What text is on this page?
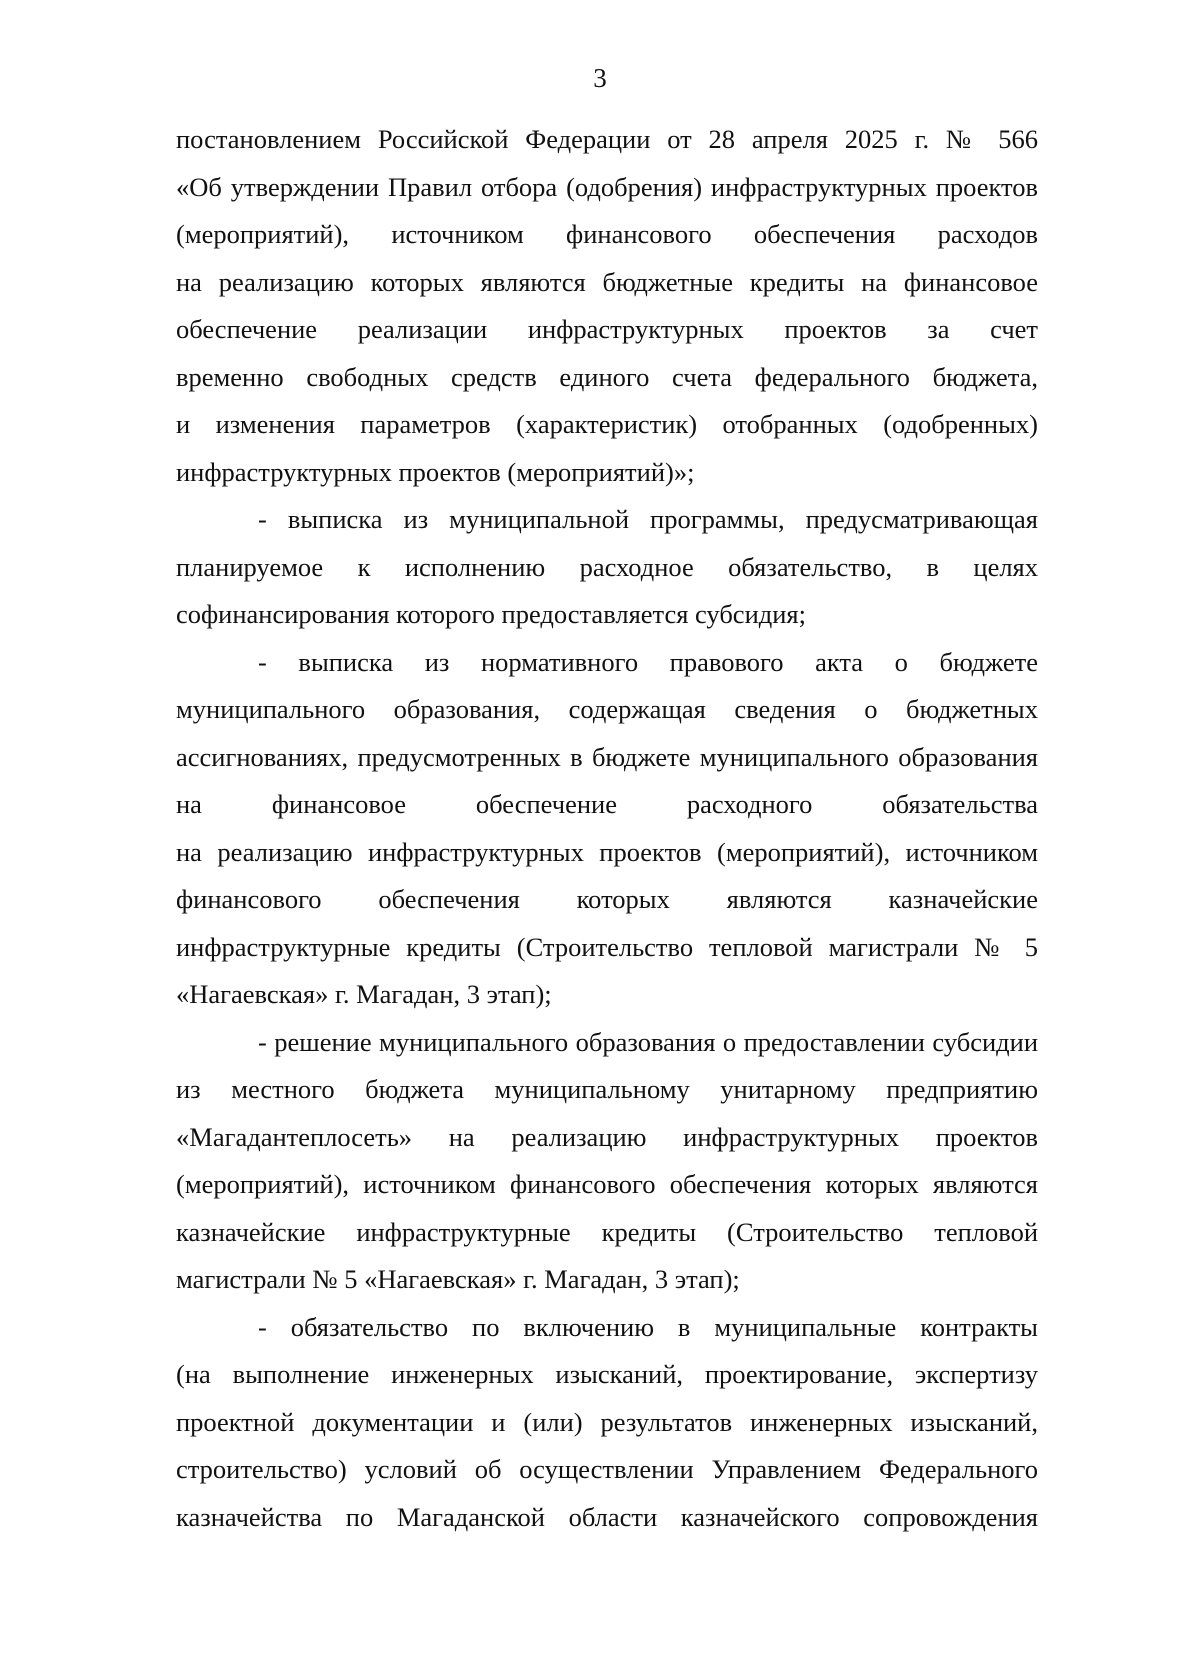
3
постановлением Российской Федерации от 28 апреля 2025 г. № 566
«Об утверждении Правил отбора (одобрения) инфраструктурных проектов
(мероприятий), источником финансового обеспечения расходов
на реализацию которых являются бюджетные кредиты на финансовое
обеспечение реализации инфраструктурных проектов за счет
временно свободных средств единого счета федерального бюджета,
и изменения параметров (характеристик) отобранных (одобренных)
инфраструктурных проектов (мероприятий)»;
- выписка из муниципальной программы, предусматривающая
планируемое к исполнению расходное обязательство, в целях
софинансирования которого предоставляется субсидия;
- выписка из нормативного правового акта о бюджете
муниципального образования, содержащая сведения о бюджетных
ассигнованиях, предусмотренных в бюджете муниципального образования
на финансовое обеспечение расходного обязательства
на реализацию инфраструктурных проектов (мероприятий), источником
финансового обеспечения которых являются казначейские
инфраструктурные кредиты (Строительство тепловой магистрали № 5
«Нагаевская» г. Магадан, 3 этап);
- решение муниципального образования о предоставлении субсидии
из местного бюджета муниципальному унитарному предприятию
«Магадантеплосеть» на реализацию инфраструктурных проектов
(мероприятий), источником финансового обеспечения которых являются
казначейские инфраструктурные кредиты (Строительство тепловой
магистрали № 5 «Нагаевская» г. Магадан, 3 этап);
- обязательство по включению в муниципальные контракты
(на выполнение инженерных изысканий, проектирование, экспертизу
проектной документации и (или) результатов инженерных изысканий,
строительство) условий об осуществлении Управлением Федерального
казначейства по Магаданской области казначейского сопровождения
